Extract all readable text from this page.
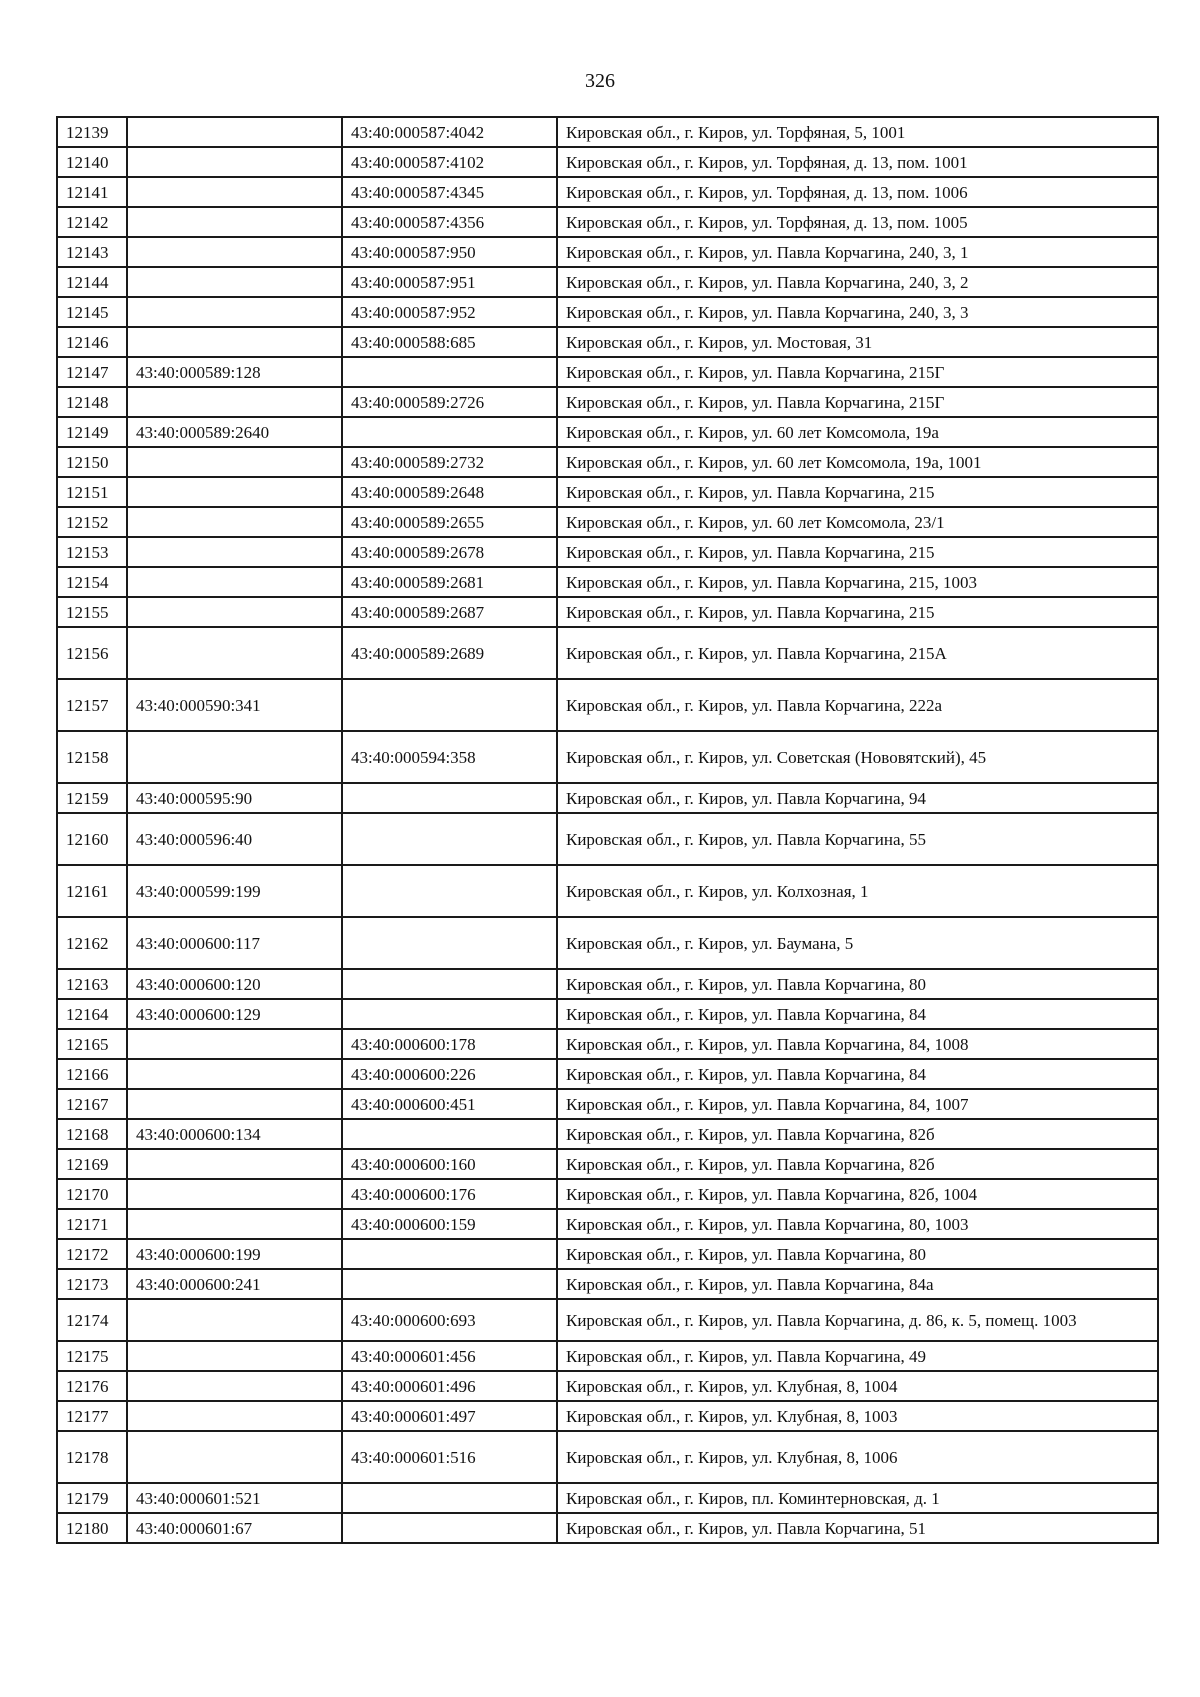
326
12139		43:40:000587:4042	Кировская обл., г. Киров, ул. Торфяная, 5, 1001
12140		43:40:000587:4102	Кировская обл., г. Киров, ул. Торфяная, д. 13, пом. 1001
12141		43:40:000587:4345	Кировская обл., г. Киров, ул. Торфяная, д. 13, пом. 1006
12142		43:40:000587:4356	Кировская обл., г. Киров, ул. Торфяная, д. 13, пом. 1005
12143		43:40:000587:950	Кировская обл., г. Киров, ул. Павла Корчагина, 240, 3, 1
12144		43:40:000587:951	Кировская обл., г. Киров, ул. Павла Корчагина, 240, 3, 2
12145		43:40:000587:952	Кировская обл., г. Киров, ул. Павла Корчагина, 240, 3, 3
12146		43:40:000588:685	Кировская обл., г. Киров, ул. Мостовая, 31
12147	43:40:000589:128		Кировская обл., г. Киров, ул. Павла Корчагина, 215Г
12148		43:40:000589:2726	Кировская обл., г. Киров, ул. Павла Корчагина, 215Г
12149	43:40:000589:2640		Кировская обл., г. Киров, ул. 60 лет Комсомола, 19а
12150		43:40:000589:2732	Кировская обл., г. Киров, ул. 60 лет Комсомола, 19а, 1001
12151		43:40:000589:2648	Кировская обл., г. Киров, ул. Павла Корчагина, 215
12152		43:40:000589:2655	Кировская обл., г. Киров, ул. 60 лет Комсомола, 23/1
12153		43:40:000589:2678	Кировская обл., г. Киров, ул. Павла Корчагина, 215
12154		43:40:000589:2681	Кировская обл., г. Киров, ул. Павла Корчагина, 215, 1003
12155		43:40:000589:2687	Кировская обл., г. Киров, ул. Павла Корчагина, 215
12156		43:40:000589:2689	Кировская обл., г. Киров, ул. Павла Корчагина, 215А
12157	43:40:000590:341		Кировская обл., г. Киров, ул. Павла Корчагина, 222а
12158		43:40:000594:358	Кировская обл., г. Киров, ул. Советская (Нововятский), 45
12159	43:40:000595:90		Кировская обл., г. Киров, ул. Павла Корчагина, 94
12160	43:40:000596:40		Кировская обл., г. Киров, ул. Павла Корчагина, 55
12161	43:40:000599:199		Кировская обл., г. Киров, ул. Колхозная, 1
12162	43:40:000600:117		Кировская обл., г. Киров, ул. Баумана, 5
12163	43:40:000600:120		Кировская обл., г. Киров, ул. Павла Корчагина, 80
12164	43:40:000600:129		Кировская обл., г. Киров, ул. Павла Корчагина, 84
12165		43:40:000600:178	Кировская обл., г. Киров, ул. Павла Корчагина, 84, 1008
12166		43:40:000600:226	Кировская обл., г. Киров, ул. Павла Корчагина, 84
12167		43:40:000600:451	Кировская обл., г. Киров, ул. Павла Корчагина, 84, 1007
12168	43:40:000600:134		Кировская обл., г. Киров, ул. Павла Корчагина, 82б
12169		43:40:000600:160	Кировская обл., г. Киров, ул. Павла Корчагина, 82б
12170		43:40:000600:176	Кировская обл., г. Киров, ул. Павла Корчагина, 82б, 1004
12171		43:40:000600:159	Кировская обл., г. Киров, ул. Павла Корчагина, 80, 1003
12172	43:40:000600:199		Кировская обл., г. Киров, ул. Павла Корчагина, 80
12173	43:40:000600:241		Кировская обл., г. Киров, ул. Павла Корчагина, 84а
12174		43:40:000600:693	Кировская обл., г. Киров, ул. Павла Корчагина, д. 86, к. 5, помещ. 1003
12175		43:40:000601:456	Кировская обл., г. Киров, ул. Павла Корчагина, 49
12176		43:40:000601:496	Кировская обл., г. Киров, ул. Клубная, 8, 1004
12177		43:40:000601:497	Кировская обл., г. Киров, ул. Клубная, 8, 1003
12178		43:40:000601:516	Кировская обл., г. Киров, ул. Клубная, 8, 1006
12179	43:40:000601:521		Кировская обл., г. Киров, пл. Коминтерновская, д. 1
12180	43:40:000601:67		Кировская обл., г. Киров, ул. Павла Корчагина, 51
